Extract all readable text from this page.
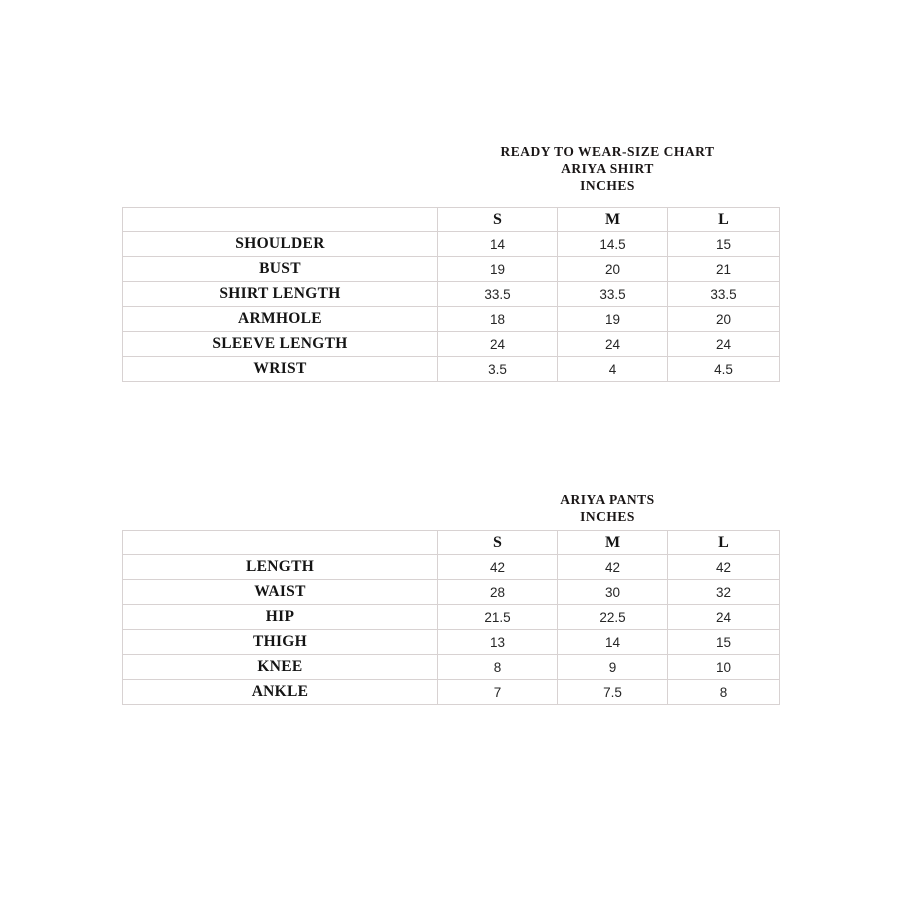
READY TO WEAR-SIZE CHART
ARIYA SHIRT
INCHES
	S	M	L
SHOULDER	14	14.5	15
BUST	19	20	21
SHIRT LENGTH	33.5	33.5	33.5
ARMHOLE	18	19	20
SLEEVE LENGTH	24	24	24
WRIST	3.5	4	4.5
ARIYA PANTS
INCHES
	S	M	L
LENGTH	42	42	42
WAIST	28	30	32
HIP	21.5	22.5	24
THIGH	13	14	15
KNEE	8	9	10
ANKLE	7	7.5	8
